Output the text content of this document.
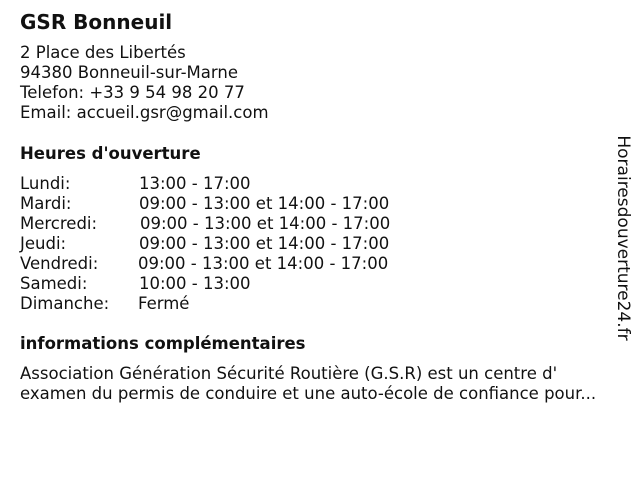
GSR Bonneuil
2 Place des Libertés
94380 Bonneuil-sur-Marne
Telefon: +33 9 54 98 20 77
Email: accueil.gsr@gmail.com
Heures d'ouverture
Lundi:	13:00 - 17:00
Mardi:	09:00 - 13:00 et 14:00 - 17:00
Mercredi:	09:00 - 13:00 et 14:00 - 17:00
Jeudi:	09:00 - 13:00 et 14:00 - 17:00
Vendredi: 09:00 - 13:00 et 14:00 - 17:00
Samedi:	10:00 - 13:00
Dimanche: Fermé
informations complémentaires
Association Génération Sécurité Routière (G.S.R) est un centre d'
examen du permis de conduire et une auto-école de confiance pour...
Horairesdouverture24.fr
